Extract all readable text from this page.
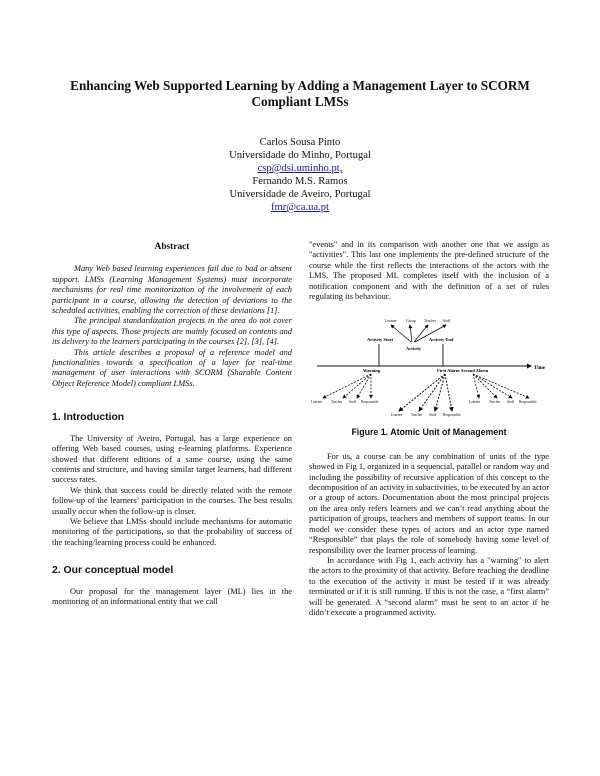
Enhancing Web Supported Learning by Adding a Management Layer to SCORM Compliant LMSs
Carlos Sousa Pinto
Universidade do Minho, Portugal
csp@dsi.uminho.pt,
Fernando M.S. Ramos
Universidade de Aveiro, Portugal
fmr@ca.ua.pt
Abstract

Many Web based learning experiences fail due to bad or absent support. LMSs (Learning Management Systems) must incorporate mechanisms for real time monitorization of the involvement of each participant in a course, allowing the detection of deviations to the scheduled activities, enabling the correction of these deviations [1].

The principal standardization projects in the area do not cover this type of aspects. Those projects are mainly focused on contents and its delivery to the learners participating in the courses [2], [3], [4].

This article describes a proposal of a reference model and functionalities towards a specification of a layer for real-time management of user interactions with SCORM (Sharable Content Object Reference Model) compliant LMSs.

1. Introduction

The University of Aveiro, Portugal, has a large experience on offering Web based courses, using e-learning platforms. Experience showed that different editions of a same course, using the same contents and structure, and having similar target learners, had different success rates.

We think that success could be directly related with the remote follow-up of the learners’ participation in the courses. The best results usually occur when the follow-up is closer.

We believe that LMSs should include mechanisms for automatic monitoring of the participations, so that the probability of success of the teaching/learning process could be enhanced.

2. Our conceptual model

Our proposal for the management layer (ML) lies in the monitoring of an informational entity that we call

"events" and in its comparison with another one that we assign as "activities". This last one implements the pre-defined structure of the course while the first reflects the interactions of the actors with the LMS. The proposed ML completes itself with the inclusion of a notification component and with the definition of a set of rules regulating its behaviour.

Learner Group Teacher Staff
Activity Start	Activity End
Activity
Time
Warning	First Alarm Second Alarm
Learner Teacher Staff Responsible
Learner Teacher Staff Responsible
Learner Teacher Staff Responsible
Figure 1. Atomic Unit of Management

For us, a course can be any combination of units of the type showed in Fig 1, organized in a sequencial, parallel or random way and including the possibility of recursive application of this concept to the decomposition of an activity in subactivities, to be executed by an actor or a group of actors. Documentation about the most principal projects on the area only refers learners and we can’t read anything about the participation of groups, teachers and members of support teams. In our model we consider these types of actors and an actor type named “Responsible” that plays the role of somebody having some level of responsibility over the learner process of learning.

In accordance with Fig 1, each activity has a "warning" to alert the actors to the proximity of that activity. Before reaching the deadline to the execution of the activity it must be tested if it was already terminated or if it is still running. If this is not the case, a “first alarm” will be generated. A “second alarm” must be sent to an actor if he didn’t execute a programmed activity.
